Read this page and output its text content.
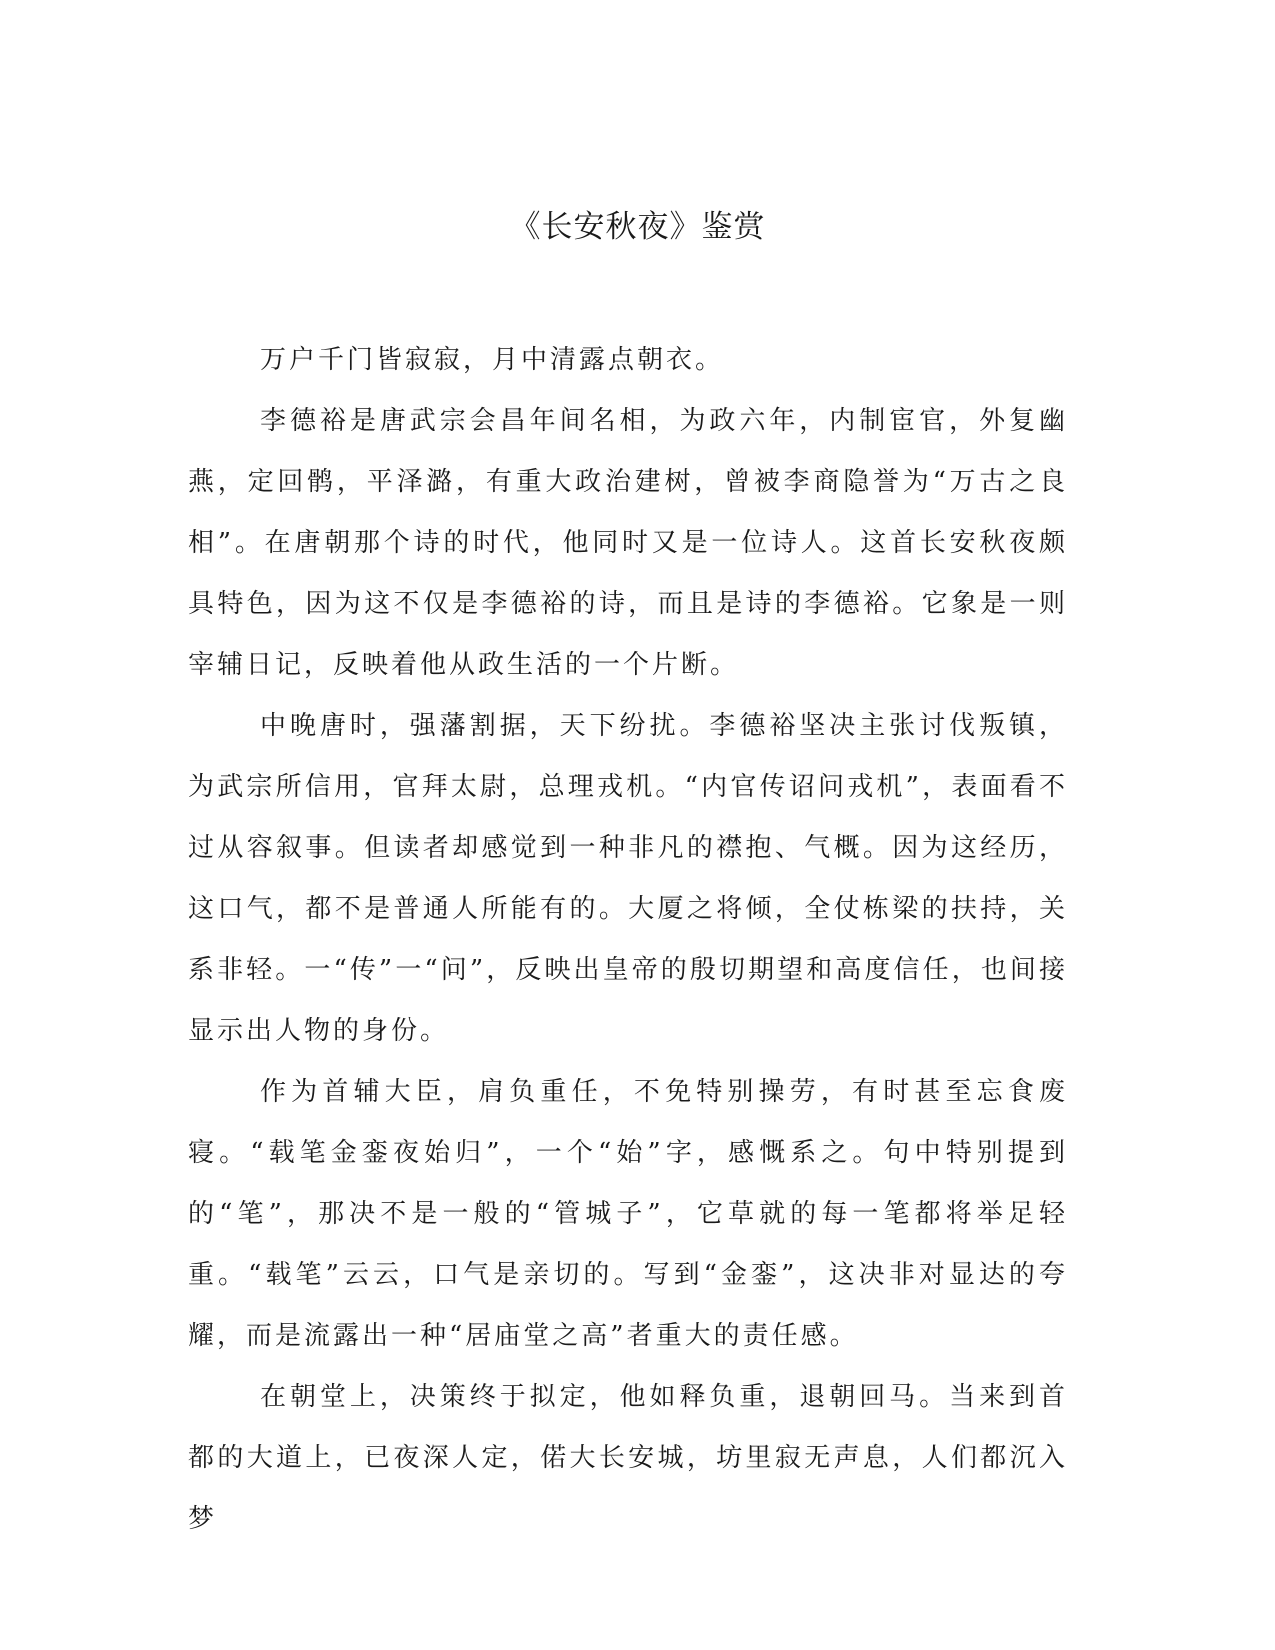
《长安秋夜》鉴赏

万户千门皆寂寂，月中清露点朝衣。

李德裕是唐武宗会昌年间名相，为政六年，内制宦官，外复幽燕，定回鹘，平泽潞，有重大政治建树，曾被李商隐誉为“万古之良相”。在唐朝那个诗的时代，他同时又是一位诗人。这首长安秋夜颇具特色，因为这不仅是李德裕的诗，而且是诗的李德裕。它象是一则宰辅日记，反映着他从政生活的一个片断。

中晚唐时，强藩割据，天下纷扰。李德裕坚决主张讨伐叛镇，为武宗所信用，官拜太尉，总理戎机。“内官传诏问戎机”，表面看不过从容叙事。但读者却感觉到一种非凡的襟抱、气概。因为这经历，这口气，都不是普通人所能有的。大厦之将倾，全仗栋梁的扶持，关系非轻。一“传”一“问”，反映出皇帝的殷切期望和高度信任，也间接显示出人物的身份。

作为首辅大臣，肩负重任，不免特别操劳，有时甚至忘食废寝。“载笔金銮夜始归”，一个“始”字，感慨系之。句中特别提到的“笔”，那决不是一般的“管城子”，它草就的每一笔都将举足轻重。“载笔”云云，口气是亲切的。写到“金銮”，这决非对显达的夸耀，而是流露出一种“居庙堂之高”者重大的责任感。

在朝堂上，决策终于拟定，他如释负重，退朝回马。当来到首都的大道上，已夜深人定，偌大长安城，坊里寂无声息，人们都沉入梦
